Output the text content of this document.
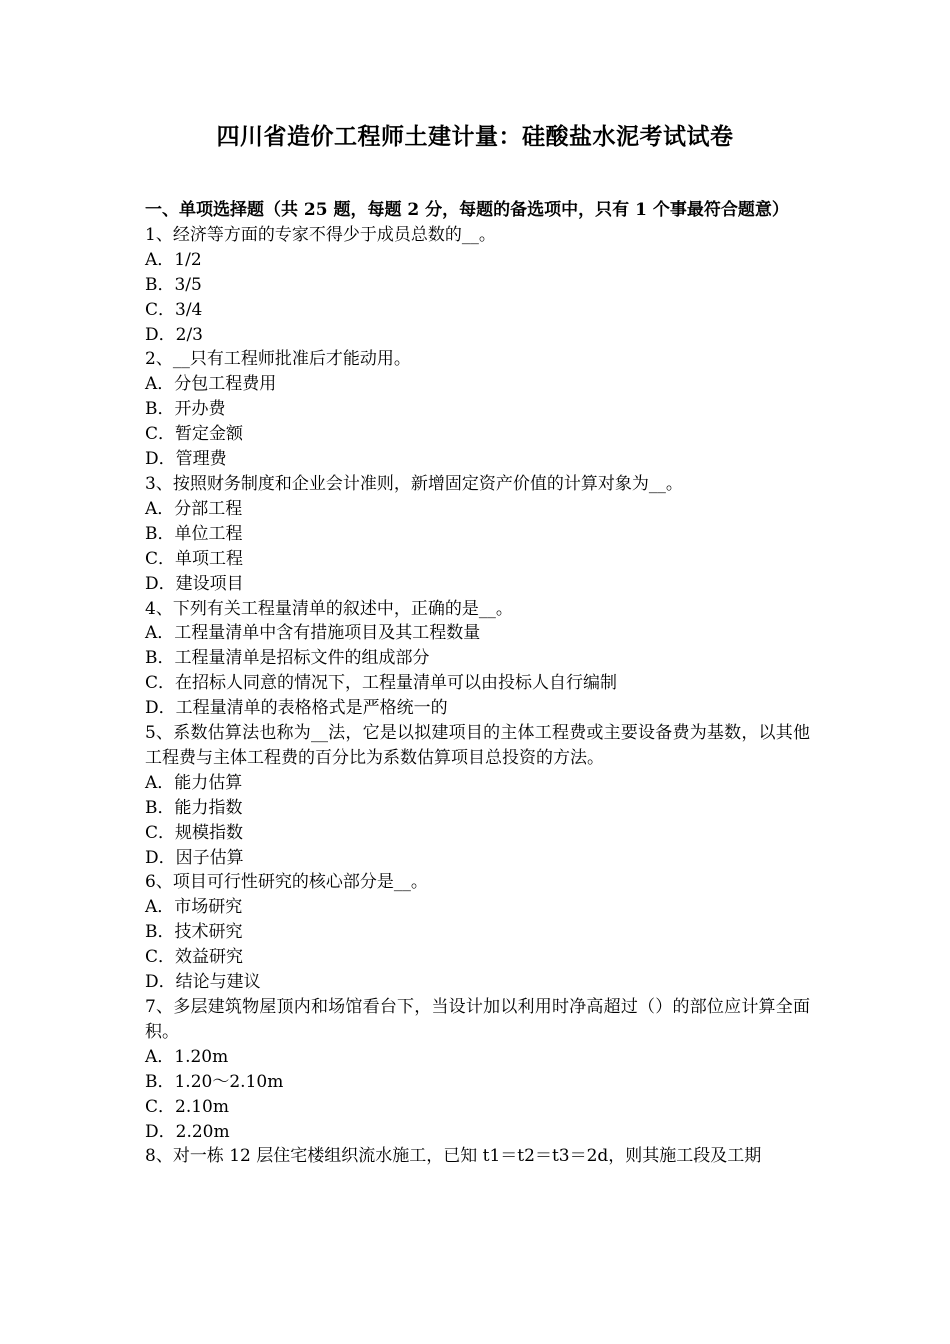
四川省造价工程师土建计量：硅酸盐水泥考试试卷
一、单项选择题（共 25 题，每题 2 分，每题的备选项中，只有 1 个事最符合题意）
1、经济等方面的专家不得少于成员总数的__。
A．1/2
B．3/5
C．3/4
D．2/3
2、__只有工程师批准后才能动用。
A．分包工程费用
B．开办费
C．暂定金额
D．管理费
3、按照财务制度和企业会计准则，新增固定资产价值的计算对象为__。
A．分部工程
B．单位工程
C．单项工程
D．建设项目
4、下列有关工程量清单的叙述中，正确的是__。
A．工程量清单中含有措施项目及其工程数量
B．工程量清单是招标文件的组成部分
C．在招标人同意的情况下，工程量清单可以由投标人自行编制
D．工程量清单的表格格式是严格统一的
5、系数估算法也称为__法，它是以拟建项目的主体工程费或主要设备费为基数，以其他工程费与主体工程费的百分比为系数估算项目总投资的方法。
A．能力估算
B．能力指数
C．规模指数
D．因子估算
6、项目可行性研究的核心部分是__。
A．市场研究
B．技术研究
C．效益研究
D．结论与建议
7、多层建筑物屋顶内和场馆看台下，当设计加以利用时净高超过（）的部位应计算全面积。
A．1.20m
B．1.20～2.10m
C．2.10m
D．2.20m
8、对一栋 12 层住宅楼组织流水施工，已知 t1＝t2＝t3＝2d，则其施工段及工期
